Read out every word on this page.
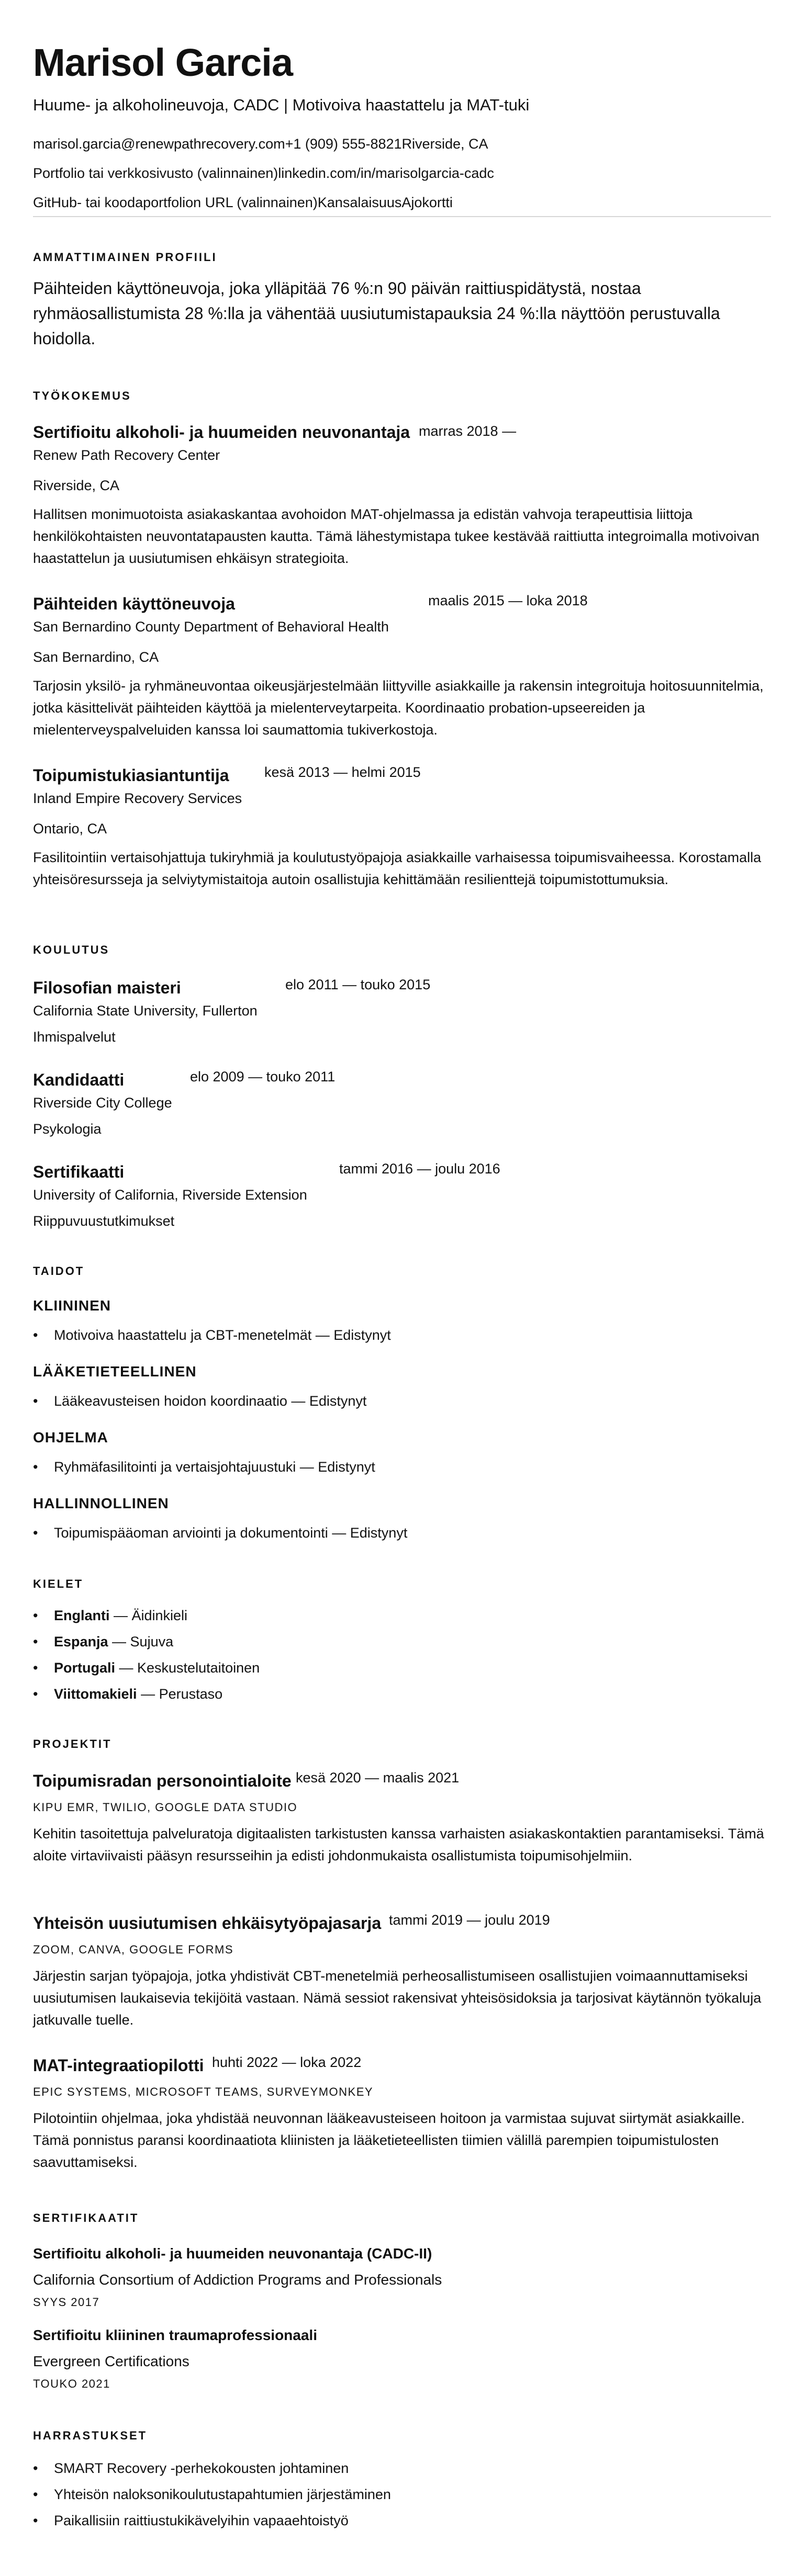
Marisol Garcia
Huume- ja alkoholineuvoja, CADC | Motivoiva haastattelu ja MAT-tuki
marisol.garcia@renewpathrecovery.com+1 (909) 555-8821Riverside, CA
Portfolio tai verkkosivusto (valinnainen)linkedin.com/in/marisolgarcia-cadc
GitHub- tai koodaportfolion URL (valinnainen)KansalaisuusAjokortti
AMMATTIMAINEN PROFIILI
Päihteiden käyttöneuvoja, joka ylläpitää 76 %:n 90 päivän raittiuspidätystä, nostaa ryhmäosallistumista 28 %:lla ja vähentää uusiutumistapauksia 24 %:lla näyttöön perustuvalla hoidolla.
TYÖKOKEMUS
Sertifioitu alkoholi- ja huumeiden neuvonantaja marras 2018 —
Renew Path Recovery Center
Riverside, CA
Hallitsen monimuotoista asiakaskantaa avohoidon MAT-ohjelmassa ja edistän vahvoja terapeuttisia liittoja henkilökohtaisten neuvontatapausten kautta. Tämä lähestymistapa tukee kestävää raittiutta integroimalla motivoivan haastattelun ja uusiutumisen ehkäisyn strategioita.
Päihteiden käyttöneuvoja	maalis 2015 — loka 2018
San Bernardino County Department of Behavioral Health
San Bernardino, CA
Tarjosin yksilö- ja ryhmäneuvontaa oikeusjärjestelmään liittyville asiakkaille ja rakensin integroituja hoitosuunnitelmia, jotka käsittelivät päihteiden käyttöä ja mielenterveytarpeita. Koordinaatio probation-upseereiden ja mielenterveyspalveluiden kanssa loi saumattomia tukiverkostoja.
Toipumistukiasiantuntija kesä 2013 — helmi 2015
Inland Empire Recovery Services
Ontario, CA
Fasilitointiin vertaisohjattuja tukiryhmiä ja koulutustyöpajoja asiakkaille varhaisessa toipumisvaiheessa. Korostamalla yhteisöresursseja ja selviytymistaitoja autoin osallistujia kehittämään resilienttejä toipumistottumuksia.
KOULUTUS
Filosofian maisteri	elo 2011 — touko 2015
California State University, Fullerton
Ihmispalvelut
Kandidaatti	elo 2009 — touko 2011
Riverside City College
Psykologia
Sertifikaatti	tammi 2016 — joulu 2016
University of California, Riverside Extension
Riippuvuustutkimukset
TAIDOT
KLIININEN
• Motivoiva haastattelu ja CBT-menetelmät — Edistynyt
LÄÄKETIETEELLINEN
• Lääkeavusteisen hoidon koordinaatio — Edistynyt
OHJELMA
• Ryhmäfasilitointi ja vertaisjohtajuustuki — Edistynyt
HALLINNOLLINEN
• Toipumispääoman arviointi ja dokumentointi — Edistynyt
KIELET
• Englanti — Äidinkieli
• Espanja — Sujuva
• Portugali — Keskustelutaitoinen
• Viittomakieli — Perustaso
PROJEKTIT
Toipumisradan personointialoite kesä 2020 — maalis 2021
KIPU EMR, TWILIO, GOOGLE DATA STUDIO
Kehitin tasoitettuja palveluratoja digitaalisten tarkistusten kanssa varhaisten asiakaskontaktien parantamiseksi. Tämä aloite virtaviivaisti pääsyn resursseihin ja edisti johdonmukaista osallistumista toipumisohjelmiin.
Yhteisön uusiutumisen ehkäisytyöpajasarja tammi 2019 — joulu 2019
ZOOM, CANVA, GOOGLE FORMS
Järjestin sarjan työpajoja, jotka yhdistivät CBT-menetelmiä perheosallistumiseen osallistujien voimaannuttamiseksi uusiutumisen laukaisevia tekijöitä vastaan. Nämä sessiot rakensivat yhteisösidoksia ja tarjosivat käytännön työkaluja jatkuvalle tuelle.
MAT-integraatiopilotti huhti 2022 — loka 2022
EPIC SYSTEMS, MICROSOFT TEAMS, SURVEYMONKEY
Pilotointiin ohjelmaa, joka yhdistää neuvonnan lääkeavusteiseen hoitoon ja varmistaa sujuvat siirtymät asiakkaille. Tämä ponnistus paransi koordinaatiota kliinisten ja lääketieteellisten tiimien välillä parempien toipumistulosten saavuttamiseksi.
SERTIFIKAATIT
Sertifioitu alkoholi- ja huumeiden neuvonantaja (CADC-II)
California Consortium of Addiction Programs and Professionals
SYYS 2017
Sertifioitu kliininen traumaprofessionaali
Evergreen Certifications
TOUKO 2021
HARRASTUKSET
• SMART Recovery -perhekokousten johtaminen
• Yhteisön naloksonikoulutustapahtumien järjestäminen
• Paikallisiin raittiustukikävelyihin vapaaehtoistyö
